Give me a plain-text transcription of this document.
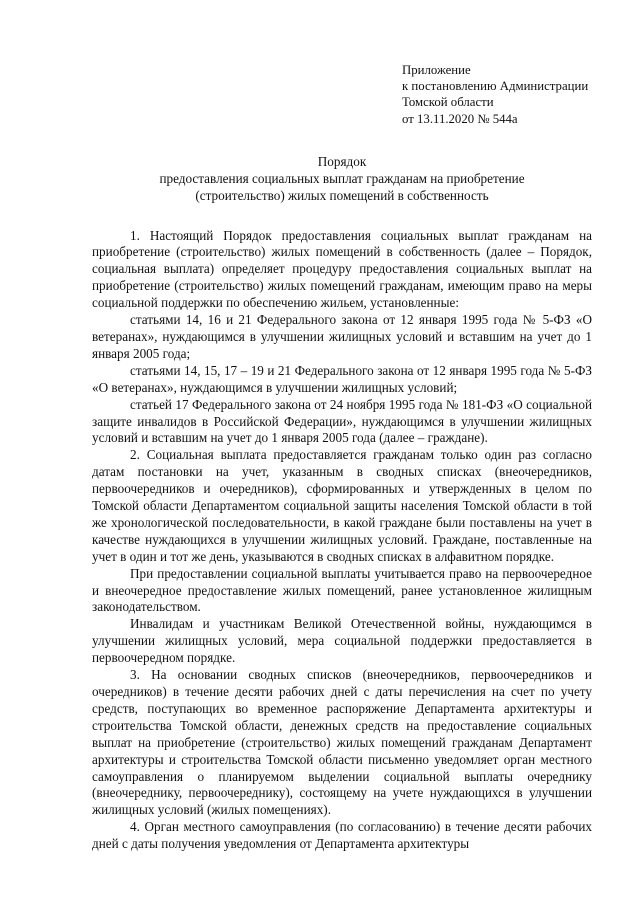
Приложение
к постановлению Администрации
Томской области
от 13.11.2020 № 544а
Порядок
предоставления социальных выплат гражданам на приобретение
(строительство) жилых помещений в собственность

1. Настоящий Порядок предоставления социальных выплат гражданам на приобретение (строительство) жилых помещений в собственность (далее – Порядок, социальная выплата) определяет процедуру предоставления социальных выплат на приобретение (строительство) жилых помещений гражданам, имеющим право на меры социальной поддержки по обеспечению жильем, установленные:

статьями 14, 16 и 21 Федерального закона от 12 января 1995 года № 5-ФЗ «О ветеранах», нуждающимся в улучшении жилищных условий и вставшим на учет до 1 января 2005 года;

статьями 14, 15, 17 – 19 и 21 Федерального закона от 12 января 1995 года № 5-ФЗ «О ветеранах», нуждающимся в улучшении жилищных условий;

статьей 17 Федерального закона от 24 ноября 1995 года № 181-ФЗ «О социальной защите инвалидов в Российской Федерации», нуждающимся в улучшении жилищных условий и вставшим на учет до 1 января 2005 года (далее – граждане).

2. Социальная выплата предоставляется гражданам только один раз согласно датам постановки на учет, указанным в сводных списках (внеочередников, первоочередников и очередников), сформированных и утвержденных в целом по Томской области Департаментом социальной защиты населения Томской области в той же хронологической последовательности, в какой граждане были поставлены на учет в качестве нуждающихся в улучшении жилищных условий. Граждане, поставленные на учет в один и тот же день, указываются в сводных списках в алфавитном порядке.

При предоставлении социальной выплаты учитывается право на первоочередное и внеочередное предоставление жилых помещений, ранее установленное жилищным законодательством.

Инвалидам и участникам Великой Отечественной войны, нуждающимся в улучшении жилищных условий, мера социальной поддержки предоставляется в первоочередном порядке.

3. На основании сводных списков (внеочередников, первоочередников и очередников) в течение десяти рабочих дней с даты перечисления на счет по учету средств, поступающих во временное распоряжение Департамента архитектуры и строительства Томской области, денежных средств на предоставление социальных выплат на приобретение (строительство) жилых помещений гражданам Департамент архитектуры и строительства Томской области письменно уведомляет орган местного самоуправления о планируемом выделении социальной выплаты очереднику (внеочереднику, первоочереднику), состоящему на учете нуждающихся в улучшении жилищных условий (жилых помещениях).

4. Орган местного самоуправления (по согласованию) в течение десяти рабочих дней с даты получения уведомления от Департамента архитектуры
